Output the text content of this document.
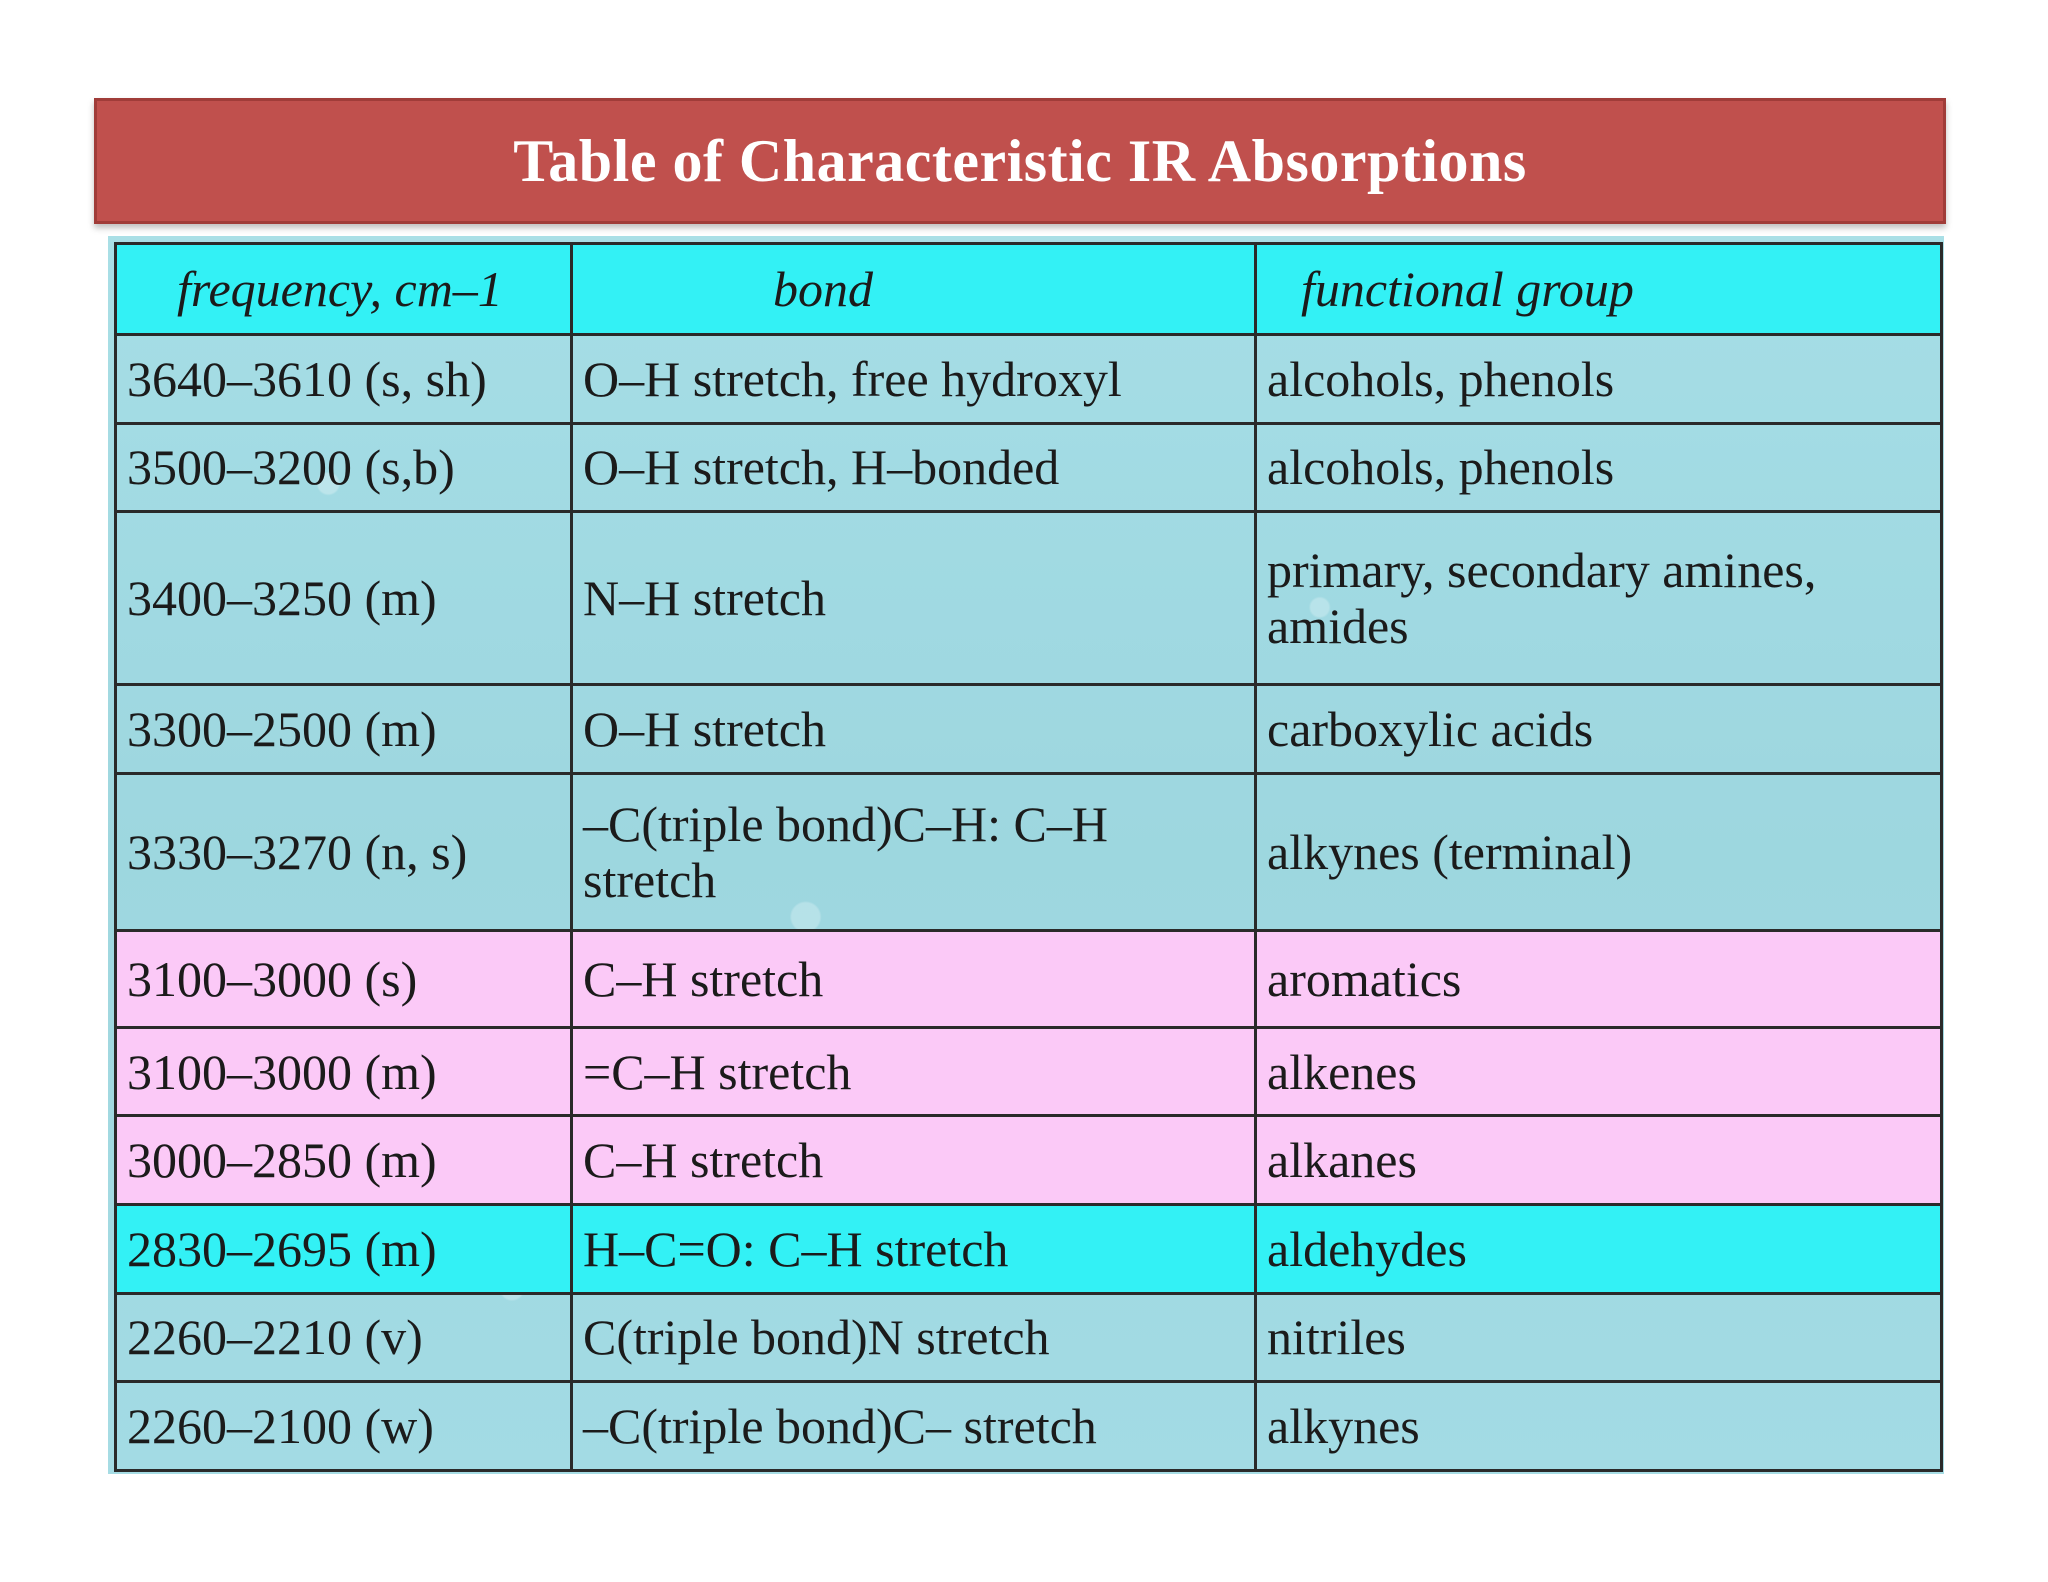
Table of Characteristic IR Absorptions
frequency, cm–1	bond	functional group
3640–3610 (s, sh)	O–H stretch, free hydroxyl	alcohols, phenols
3500–3200 (s,b)	O–H stretch, H–bonded	alcohols, phenols
3400–3250 (m)	N–H stretch	primary, secondary amines, amides
3300–2500 (m)	O–H stretch	carboxylic acids
3330–3270 (n, s)	–C(triple bond)C–H: C–H stretch	alkynes (terminal)
3100–3000 (s)	C–H stretch	aromatics
3100–3000 (m)	=C–H stretch	alkenes
3000–2850 (m)	C–H stretch	alkanes
2830–2695 (m)	H–C=O: C–H stretch	aldehydes
2260–2210 (v)	C(triple bond)N stretch	nitriles
2260–2100 (w)	–C(triple bond)C– stretch	alkynes
